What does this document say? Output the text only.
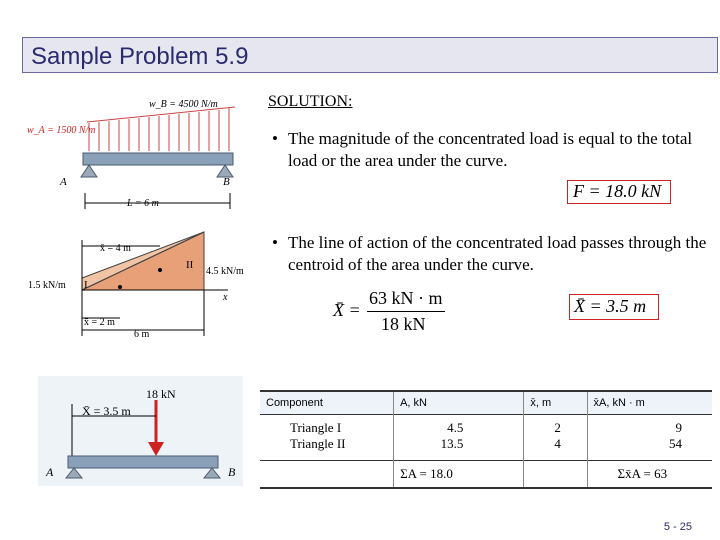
Sample Problem 5.9
w_B = 4500 N/m
w_A = 1500 N/m
A	B
L = 6 m
x̄ = 4 m
1.5 kN/m
4.5 kN/m
I
II
x
x̄ = 2 m
6 m
18 kN
X̄ = 3.5 m
A	B
SOLUTION:
• The magnitude of the concentrated load is equal to the total load or the area under the curve.
F = 18.0 kN
• The line of action of the concentrated load passes through the centroid of the area under the curve.
X̄ =
63 kN · m
18 kN
X̄ = 3.5 m
Component	A, kN	x̄, m	x̄A, kN · m
Triangle I	4.5	2	9
Triangle II	13.5	4	54
	ΣA = 18.0		Σx̄A = 63
5 - 25
